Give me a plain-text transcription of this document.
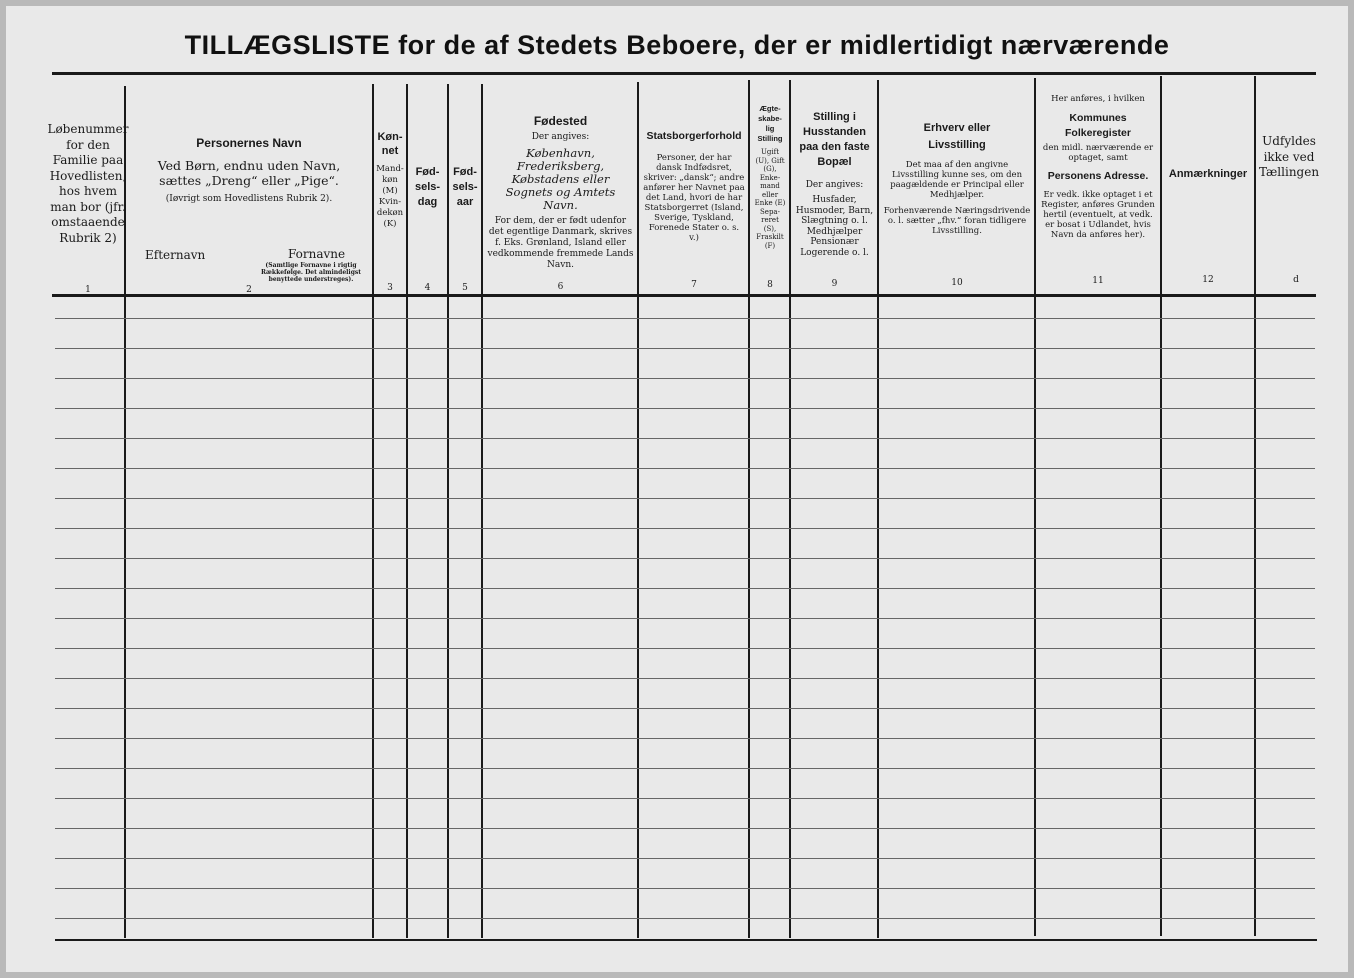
TILLÆGSLISTE for de af Stedets Beboere, der er midlertidigt nærværende
Løbenummer for den Familie paa Hovedlisten, hos hvem man bor (jfr. omstaaende Rubrik 2)
Personernes Navn
Ved Børn, endnu uden Navn, sættes „Dreng“ eller „Pige“.
(Iøvrigt som Hovedlistens Rubrik 2).
Efternavn	Fornavne
(Samtlige Fornavne i rigtig Rækkefølge. Det almindeligst benyttede understreges).
Køn-net
Mand-køn (M) Kvin-dekøn (K)
Fød-sels-dag
Fød-sels-aar
Fødested
Der angives:
København, Frederiksberg, Købstadens eller Sognets og Amtets Navn.
For dem, der er født udenfor det egentlige Danmark, skrives f. Eks. Grønland, Island eller vedkommende fremmede Lands Navn.
Statsborgerforhold
Personer, der har dansk Indfødsret, skriver: „dansk“; andre anfører her Navnet paa det Land, hvori de har Statsborgerret (Island, Sverige, Tyskland, Forenede Stater o. s. v.)
Ægte-skabe-lig Stilling
Ugift (U), Gift (G), Enke-mand eller Enke (E) Sepa-reret (S), Fraskilt (F)
Stilling i Husstanden paa den faste Bopæl
Der angives:
Husfader, Husmoder, Barn, Slægtning o. l. Medhjælper Pensionær Logerende o. l.
Erhverv eller Livsstilling
Det maa af den angivne Livsstilling kunne ses, om den paagældende er Principal eller Medhjælper.
Forhenværende Næringsdrivende o. l. sætter „fhv.“ foran tidligere Livsstilling.
Her anføres, i hvilken
Kommunes Folkeregister
den midl. nærværende er optaget, samt
Personens Adresse.
Er vedk. ikke optaget i et Register, anføres Grunden hertil (eventuelt, at vedk. er bosat i Udlandet, hvis Navn da anføres her).
Anmærkninger
Udfyldes ikke ved Tællingen
1	2	3	4	5	6	7	8	9	10	11	12	d
